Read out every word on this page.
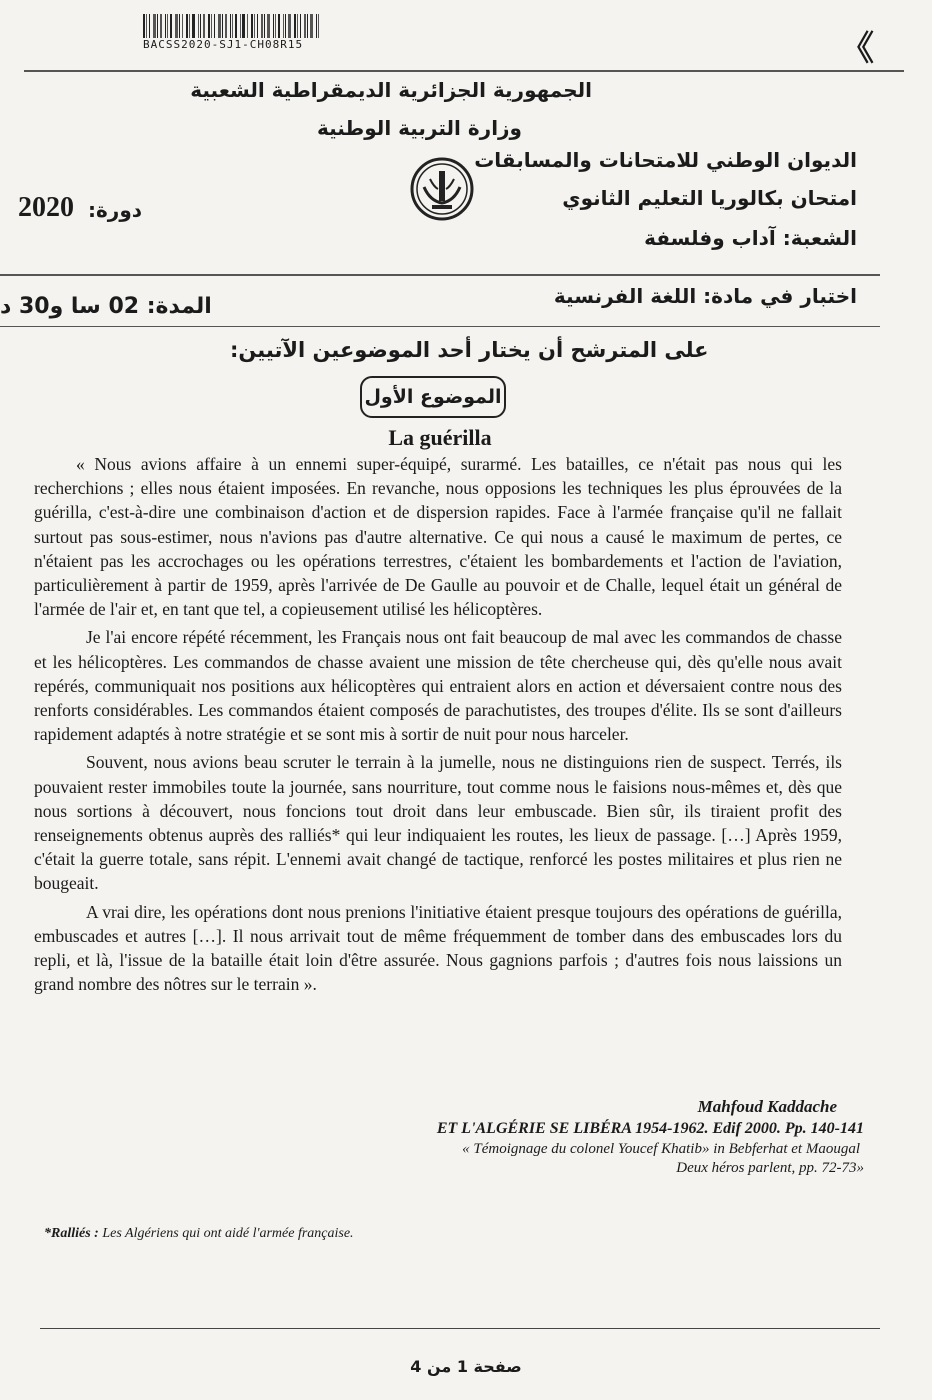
BACSS2020-SJ1-CH08R15	《
الجمهورية الجزائرية الديمقراطية الشعبية
وزارة التربية الوطنية
الديوان الوطني للامتحانات والمسابقات
امتحان بكالوريا التعليم الثانوي
الشعبة: آداب وفلسفة
دورة:
2020
اختبار في مادة: اللغة الفرنسية
المدة: 02 سا و30 د
على المترشح أن يختار أحد الموضوعين الآتيين:
الموضوع الأول
La guérilla

« Nous avions affaire à un ennemi super-équipé, surarmé. Les batailles, ce n'était pas nous qui les recherchions ; elles nous étaient imposées. En revanche, nous opposions les techniques les plus éprouvées de la guérilla, c'est-à-dire une combinaison d'action et de dispersion rapides. Face à l'armée française qu'il ne fallait surtout pas sous-estimer, nous n'avions pas d'autre alternative. Ce qui nous a causé le maximum de pertes, ce n'étaient pas les accrochages ou les opérations terrestres, c'étaient les bombardements et l'action de l'aviation, particulièrement à partir de 1959, après l'arrivée de De Gaulle au pouvoir et de Challe, lequel était un général de l'armée de l'air et, en tant que tel, a copieusement utilisé les hélicoptères.

Je l'ai encore répété récemment, les Français nous ont fait beaucoup de mal avec les commandos de chasse et les hélicoptères. Les commandos de chasse avaient une mission de tête chercheuse qui, dès qu'elle nous avait repérés, communiquait nos positions aux hélicoptères qui entraient alors en action et déversaient contre nous des renforts considérables. Les commandos étaient composés de parachutistes, des troupes d'élite. Ils se sont d'ailleurs rapidement adaptés à notre stratégie et se sont mis à sortir de nuit pour nous harceler.

Souvent, nous avions beau scruter le terrain à la jumelle, nous ne distinguions rien de suspect. Terrés, ils pouvaient rester immobiles toute la journée, sans nourriture, tout comme nous le faisions nous-mêmes et, dès que nous sortions à découvert, nous foncions tout droit dans leur embuscade. Bien sûr, ils tiraient profit des renseignements obtenus auprès des ralliés* qui leur indiquaient les routes, les lieux de passage. […] Après 1959, c'était la guerre totale, sans répit. L'ennemi avait changé de tactique, renforcé les postes militaires et plus rien ne bougeait.

A vrai dire, les opérations dont nous prenions l'initiative étaient presque toujours des opérations de guérilla, embuscades et autres […]. Il nous arrivait tout de même fréquemment de tomber dans des embuscades lors du repli, et là, l'issue de la bataille était loin d'être assurée. Nous gagnions parfois ; d'autres fois nous laissions un grand nombre des nôtres sur le terrain ».

Mahfoud Kaddache
ET L'ALGÉRIE SE LIBÉRA 1954-1962. Edif 2000. Pp. 140-141
« Témoignage du colonel Youcef Khatib» in Bebferhat et Maougal
Deux héros parlent, pp. 72-73»
*Ralliés : Les Algériens qui ont aidé l'armée française.
صفحة 1 من 4
